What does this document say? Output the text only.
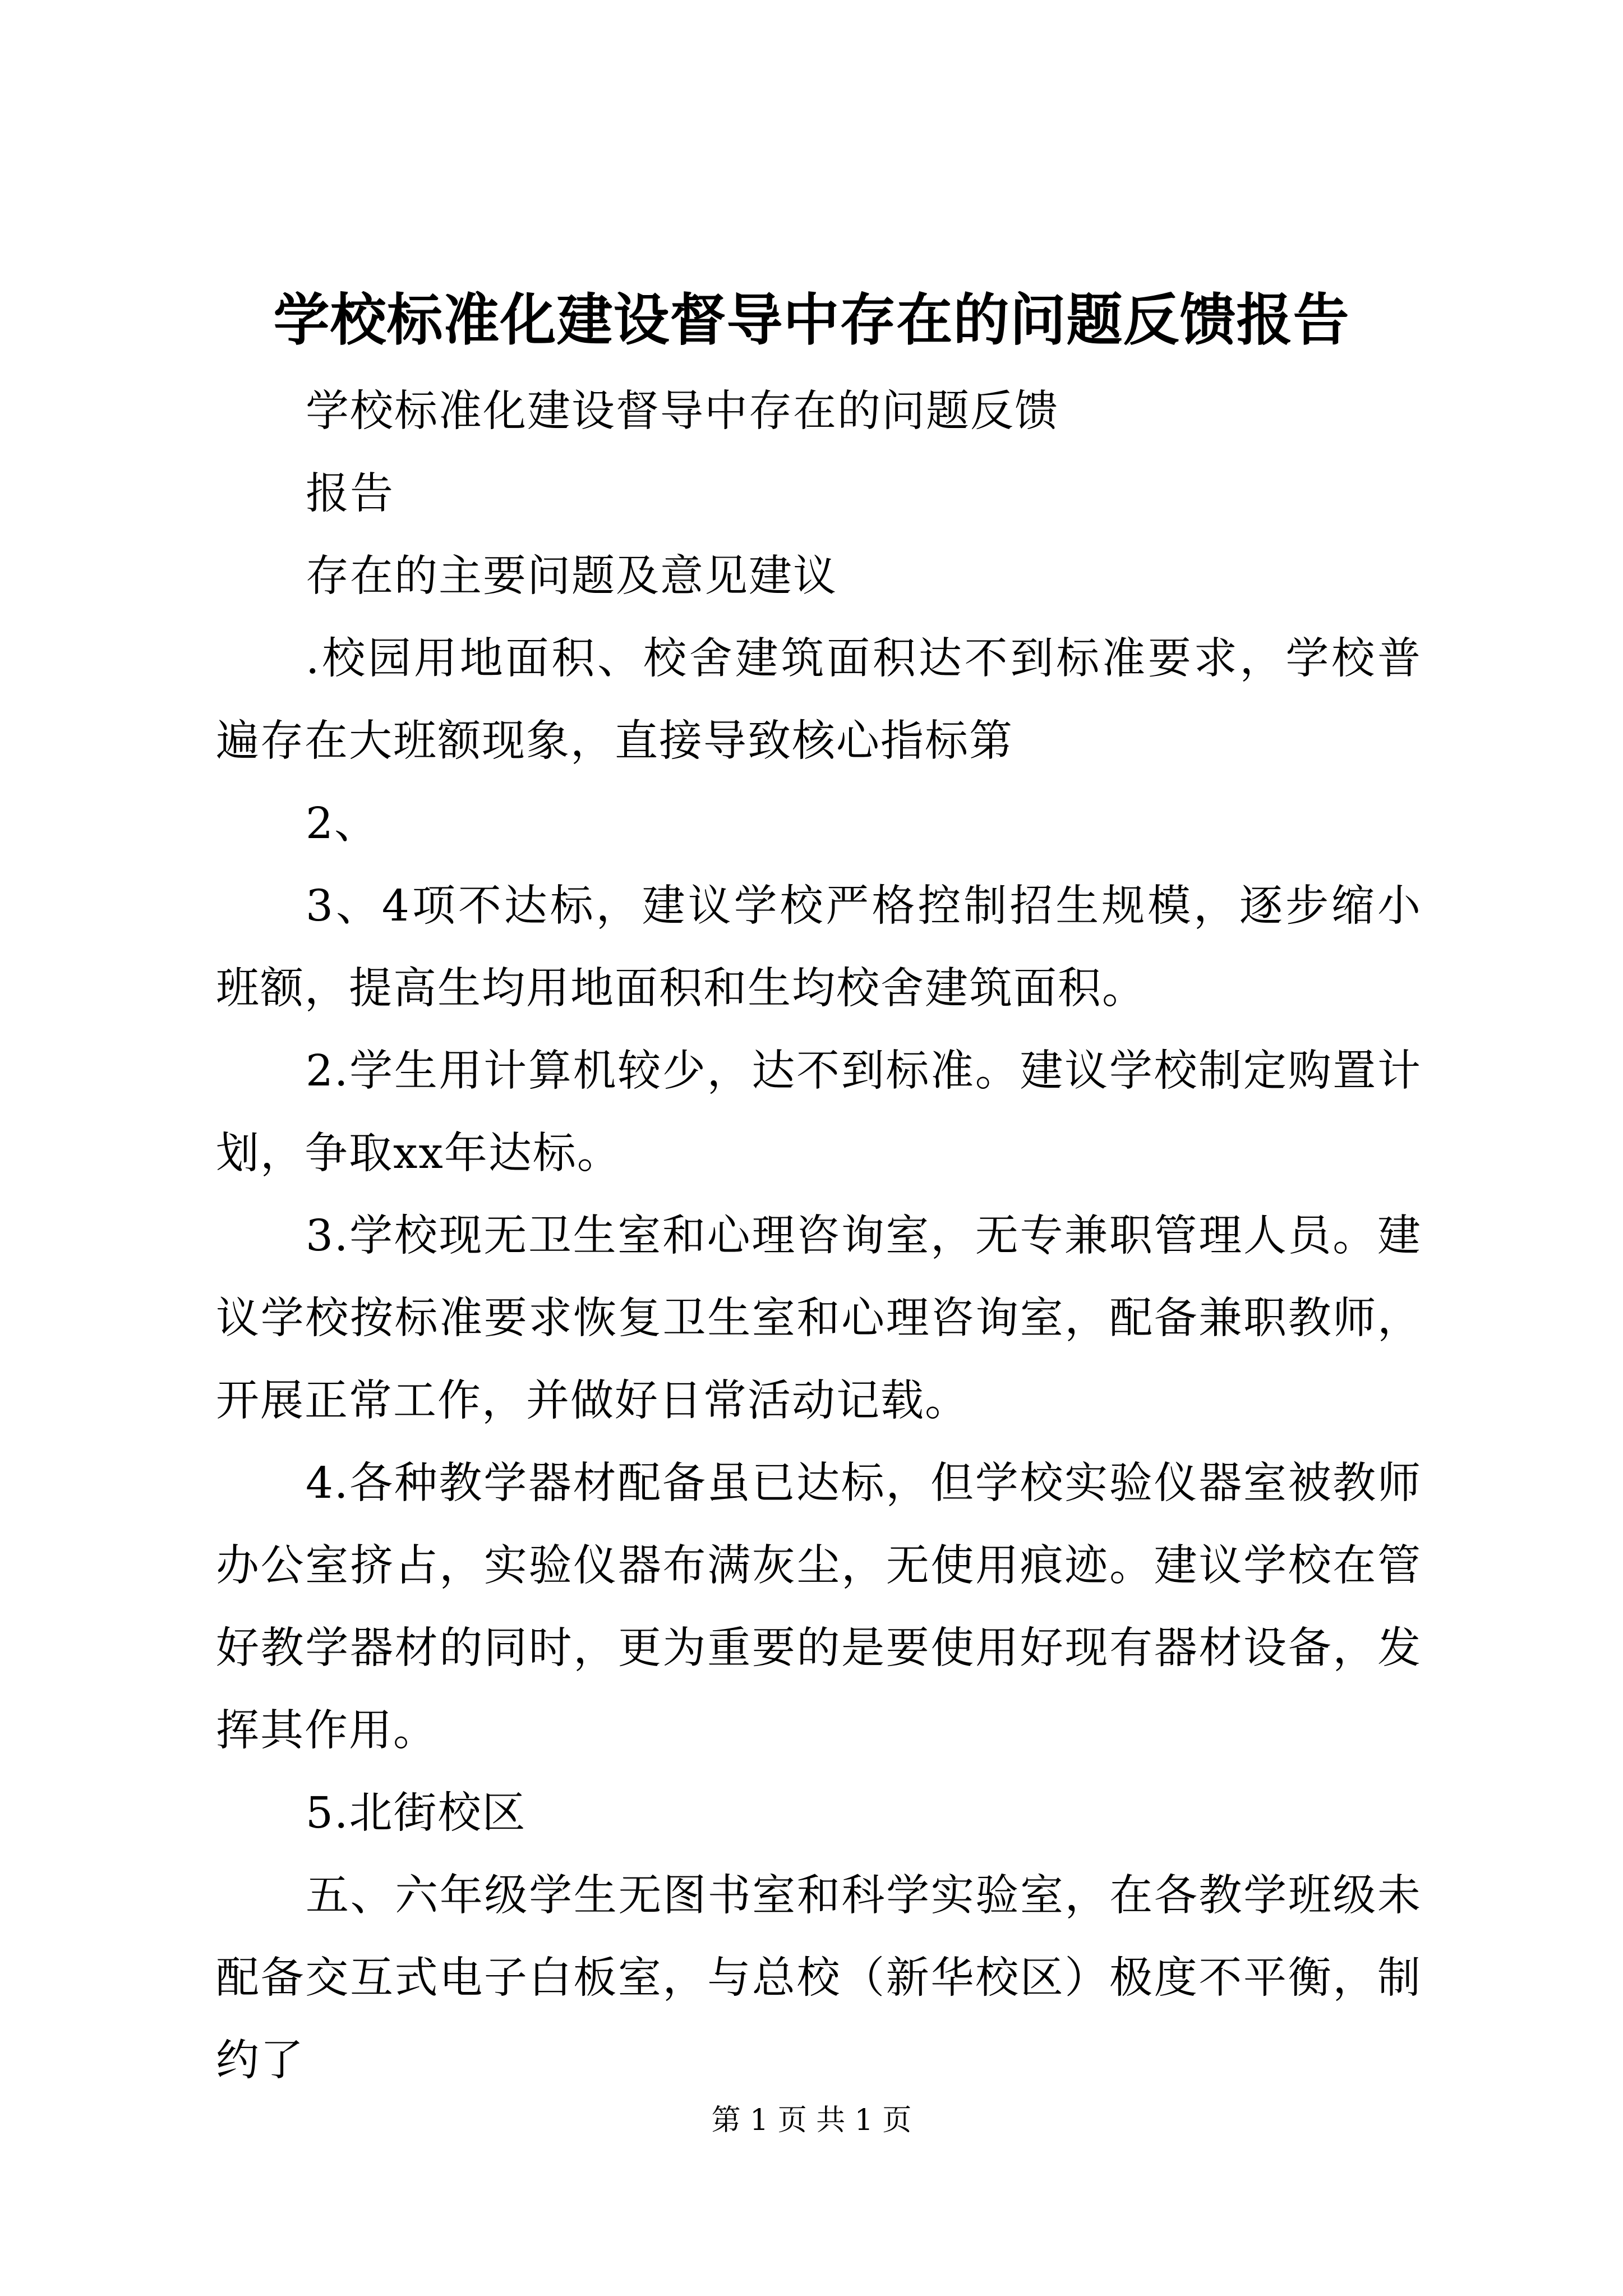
学校标准化建设督导中存在的问题反馈报告

学校标准化建设督导中存在的问题反馈

报告

存在的主要问题及意见建议

.校园用地面积、校舍建筑面积达不到标准要求，学校普遍存在大班额现象，直接导致核心指标第

2、

3、4项不达标，建议学校严格控制招生规模，逐步缩小班额，提高生均用地面积和生均校舍建筑面积。

2.学生用计算机较少，达不到标准。建议学校制定购置计划，争取xx年达标。

3.学校现无卫生室和心理咨询室，无专兼职管理人员。建议学校按标准要求恢复卫生室和心理咨询室，配备兼职教师，开展正常工作，并做好日常活动记载。

4.各种教学器材配备虽已达标，但学校实验仪器室被教师办公室挤占，实验仪器布满灰尘，无使用痕迹。建议学校在管好教学器材的同时，更为重要的是要使用好现有器材设备，发挥其作用。

5.北街校区

五、六年级学生无图书室和科学实验室，在各教学班级未配备交互式电子白板室，与总校（新华校区）极度不平衡，制约了

第 1 页 共 1 页
